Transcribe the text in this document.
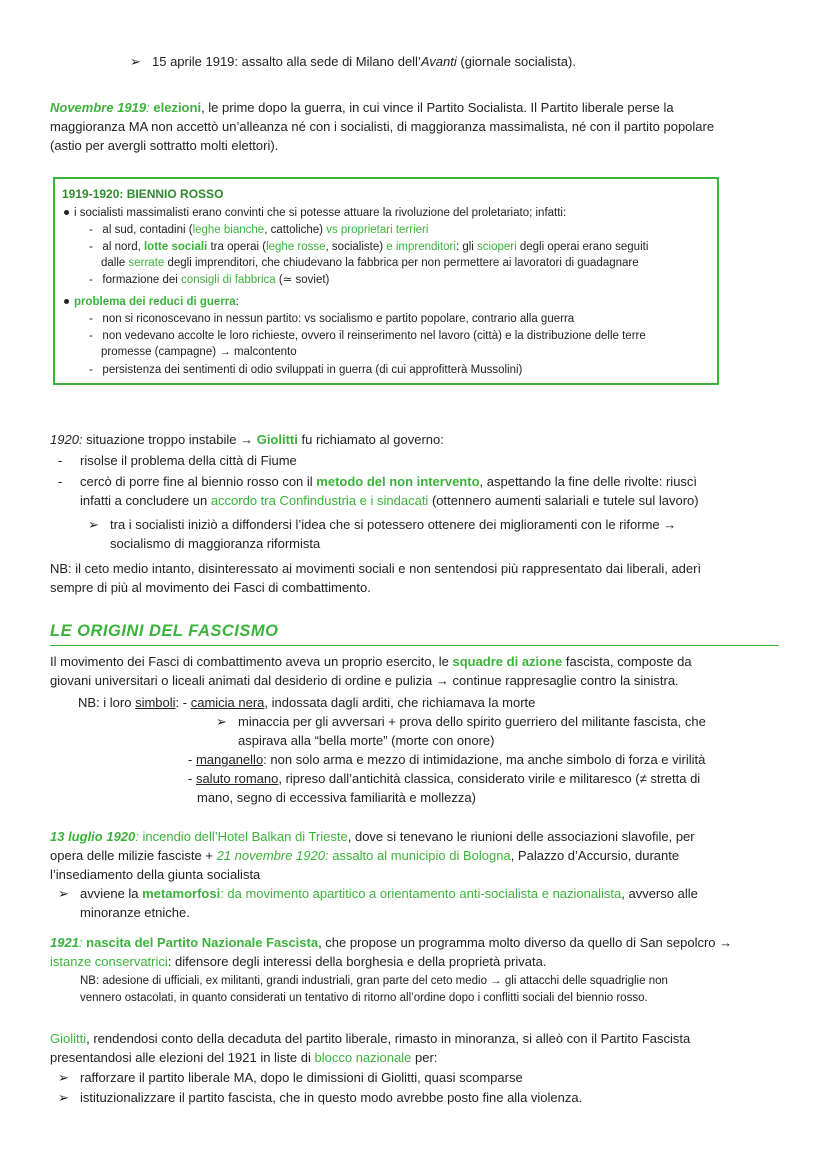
➢ 15 aprile 1919: assalto alla sede di Milano dell’Avanti (giornale socialista).
Novembre 1919: elezioni, le prime dopo la guerra, in cui vince il Partito Socialista. Il Partito liberale perse la
maggioranza MA non accettò un’alleanza né con i socialisti, di maggioranza massimalista, né con il partito popolare
(astio per avergli sottratto molti elettori).
1919-1920: BIENNIO ROSSO
i socialisti massimalisti erano convinti che si potesse attuare la rivoluzione del proletariato; infatti:
-   al sud, contadini (leghe bianche, cattoliche) vs proprietari terrieri
-   al nord, lotte sociali tra operai (leghe rosse, socialiste) e imprenditori: gli scioperi degli operai erano seguiti
dalle serrate degli imprenditori, che chiudevano la fabbrica per non permettere ai lavoratori di guadagnare
-   formazione dei consigli di fabbrica (≃ soviet)
problema dei reduci di guerra:
-   non si riconoscevano in nessun partito: vs socialismo e partito popolare, contrario alla guerra
-   non vedevano accolte le loro richieste, ovvero il reinserimento nel lavoro (città) e la distribuzione delle terre
promesse (campagne) → malcontento
-   persistenza dei sentimenti di odio sviluppati in guerra (di cui approfitterà Mussolini)
1920: situazione troppo instabile → Giolitti fu richiamato al governo:
- risolse il problema della città di Fiume
- cercò di porre fine al biennio rosso con il metodo del non intervento, aspettando la fine delle rivolte: riuscì
infatti a concludere un accordo tra Confindustria e i sindacati (ottennero aumenti salariali e tutele sul lavoro)
➢ tra i socialisti iniziò a diffondersi l’idea che si potessero ottenere dei miglioramenti con le riforme →
socialismo di maggioranza riformista
NB: il ceto medio intanto, disinteressato ai movimenti sociali e non sentendosi più rappresentato dai liberali, aderì
sempre di più al movimento dei Fasci di combattimento.
LE ORIGINI DEL FASCISMO
Il movimento dei Fasci di combattimento aveva un proprio esercito, le squadre di azione fascista, composte da
giovani universitari o liceali animati dal desiderio di ordine e pulizia → continue rappresaglie contro la sinistra.
NB: i loro simboli: - camicia nera, indossata dagli arditi, che richiamava la morte
➢ minaccia per gli avversari + prova dello spirito guerriero del militante fascista, che
aspirava alla “bella morte” (morte con onore)
- manganello: non solo arma e mezzo di intimidazione, ma anche simbolo di forza e virilità
- saluto romano, ripreso dall’antichità classica, considerato virile e militaresco (≠ stretta di
mano, segno di eccessiva familiarità e mollezza)
13 luglio 1920: incendio dell’Hotel Balkan di Trieste, dove si tenevano le riunioni delle associazioni slavofile, per
opera delle milizie fasciste + 21 novembre 1920: assalto al municipio di Bologna, Palazzo d’Accursio, durante
l’insediamento della giunta socialista
➢ avviene la metamorfosi: da movimento apartitico a orientamento anti-socialista e nazionalista, avverso alle
minoranze etniche.
1921: nascita del Partito Nazionale Fascista, che propose un programma molto diverso da quello di San sepolcro →
istanze conservatrici: difensore degli interessi della borghesia e della proprietà privata.
NB: adesione di ufficiali, ex militanti, grandi industriali, gran parte del ceto medio → gli attacchi delle squadriglie non
vennero ostacolati, in quanto considerati un tentativo di ritorno all’ordine dopo i conflitti sociali del biennio rosso.
Giolitti, rendendosi conto della decaduta del partito liberale, rimasto in minoranza, si alleò con il Partito Fascista
presentandosi alle elezioni del 1921 in liste di blocco nazionale per:
➢ rafforzare il partito liberale MA, dopo le dimissioni di Giolitti, quasi scomparse
➢ istituzionalizzare il partito fascista, che in questo modo avrebbe posto fine alla violenza.
